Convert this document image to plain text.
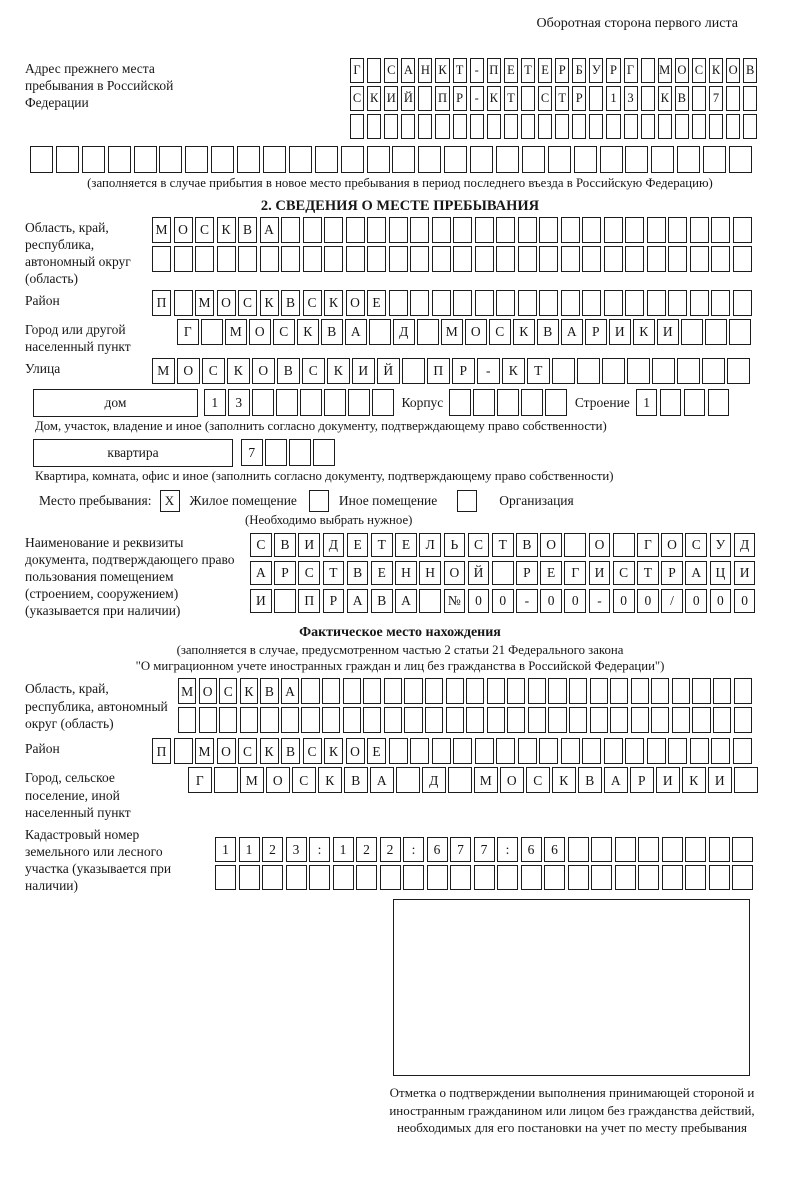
Оборотная сторона первого листа
Адрес прежнего места пребывания в Российской Федерации
Г С А Н К Т - П Е Т Е Р Б У Р Г М О С К О В
С К И Й П Р - К Т С Т Р	1 3	К В	7
(заполняется в случае прибытия в новое место пребывания в период последнего въезда в Российскую Федерацию)
2. СВЕДЕНИЯ О МЕСТЕ ПРЕБЫВАНИЯ
Область, край, республика, автономный округ (область)
М О С К В А
Район	П	М О С К В С К О Е
Город или другой населенный пункт
Г	М О	С	К	В	А	Д	М О	С	К	В	А	Р	И	К	И
Улица	М	О	С	К	О	В	С	К	И	Й	П	Р	-	К	Т
дом	1	3	Корпус	Строение 1
Дом, участок, владение и иное (заполнить согласно документу, подтверждающему право собственности)
квартира	7
Квартира, комната, офис и иное (заполнить согласно документу, подтверждающему право собственности)
Место пребывания:	X	Жилое помещение	Иное помещение	Организация
(Необходимо выбрать нужное)
Наименование и реквизиты документа, подтверждающего право пользования помещением (строением, сооружением) (указывается при наличии)
С	В	И	Д	Е	Т	Е	Л	Ь	С	Т	В	О	О	Г	О	С	У	Д
А	Р	С	Т	В	Е	Н	Н	О	Й	Р	Е	Г	И	С	Т	Р	А	Ц	И
И	П	Р	А	В	А	№	0	0	-	0	0	-	0	0	/	0	0	0
Фактическое место нахождения
(заполняется в случае, предусмотренном частью 2 статьи 21 Федерального закона
"О миграционном учете иностранных граждан и лиц без гражданства в Российской Федерации")
Область, край, республика, автономный округ (область)
М О С К В А
Район	П	М О С К В С К О Е
Город, сельское поселение, иной населенный пункт
Г	М	О	С	К	В	А	Д	М	О	С	К	В	А	Р	И	К	И
Кадастровый номер земельного или лесного участка (указывается при наличии)
1	1	2	3	:	1	2	2	:	6	7	7	:	6	6
Отметка о подтверждении выполнения принимающей стороной и иностранным гражданином или лицом без гражданства действий, необходимых для его постановки на учет по месту пребывания
